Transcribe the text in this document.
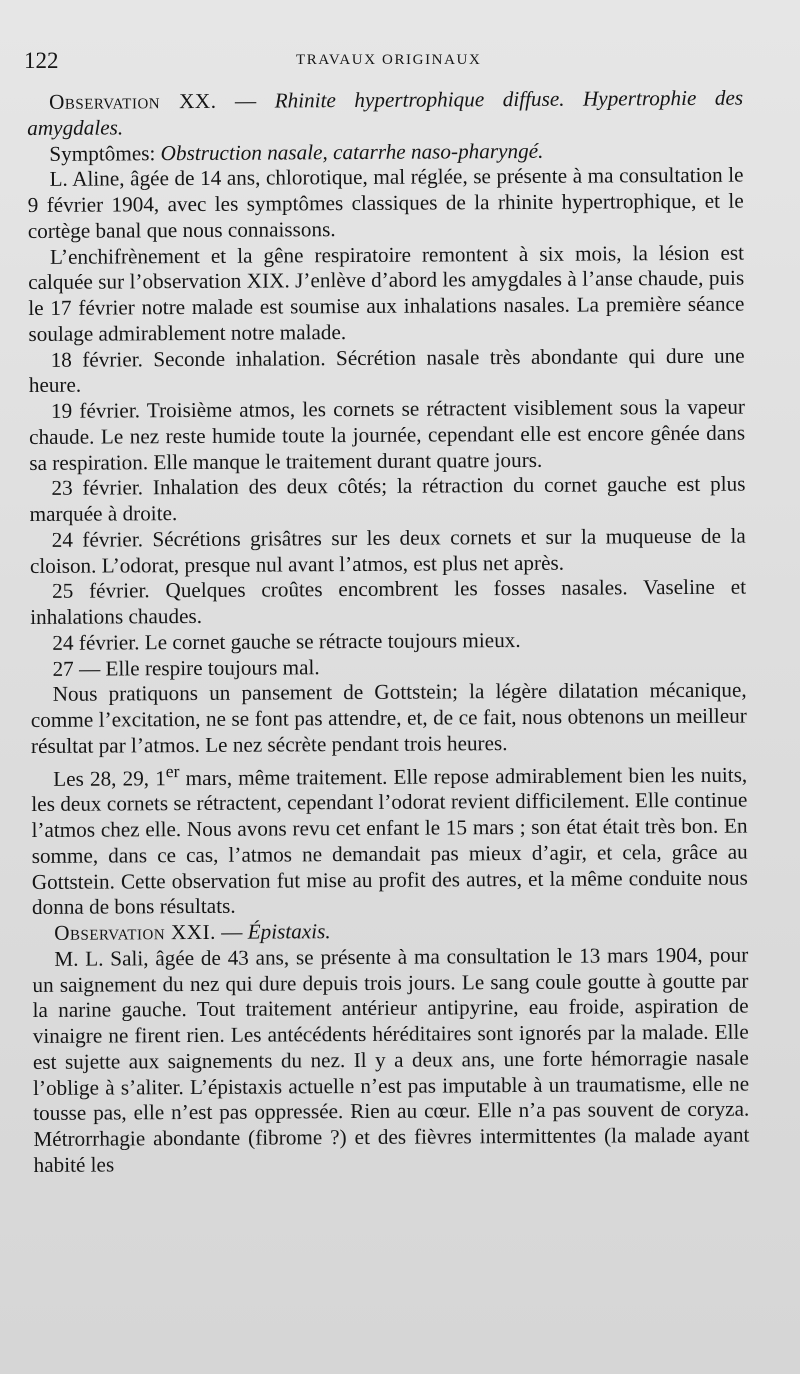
122	TRAVAUX ORIGINAUX

Observation XX. — Rhinite hypertrophique diffuse. Hypertrophie des amygdales.

Symptômes: Obstruction nasale, catarrhe naso-pharyngé.

L. Aline, âgée de 14 ans, chlorotique, mal réglée, se présente à ma consultation le 9 février 1904, avec les symptômes classiques de la rhinite hypertrophique, et le cortège banal que nous connaissons.

L’enchifrènement et la gêne respiratoire remontent à six mois, la lésion est calquée sur l’observation XIX. J’enlève d’abord les amygdales à l’anse chaude, puis le 17 février notre malade est soumise aux inhalations nasales. La première séance soulage admirablement notre malade.

18 février. Seconde inhalation. Sécrétion nasale très abondante qui dure une heure.

19 février. Troisième atmos, les cornets se rétractent visiblement sous la vapeur chaude. Le nez reste humide toute la journée, cependant elle est encore gênée dans sa respiration. Elle manque le traitement durant quatre jours.

23 février. Inhalation des deux côtés; la rétraction du cornet gauche est plus marquée à droite.

24 février. Sécrétions grisâtres sur les deux cornets et sur la muqueuse de la cloison. L’odorat, presque nul avant l’atmos, est plus net après.

25 février. Quelques croûtes encombrent les fosses nasales. Vaseline et inhalations chaudes.

24 février. Le cornet gauche se rétracte toujours mieux.

27 — Elle respire toujours mal.

Nous pratiquons un pansement de Gottstein; la légère dilatation mécanique, comme l’excitation, ne se font pas attendre, et, de ce fait, nous obtenons un meilleur résultat par l’atmos. Le nez sécrète pendant trois heures.

Les 28, 29, 1er mars, même traitement. Elle repose admirablement bien les nuits, les deux cornets se rétractent, cependant l’odorat revient difficilement. Elle continue l’atmos chez elle. Nous avons revu cet enfant le 15 mars ; son état était très bon. En somme, dans ce cas, l’atmos ne demandait pas mieux d’agir, et cela, grâce au Gottstein. Cette observation fut mise au profit des autres, et la même conduite nous donna de bons résultats.

Observation XXI. — Épistaxis.

M. L. Sali, âgée de 43 ans, se présente à ma consultation le 13 mars 1904, pour un saignement du nez qui dure depuis trois jours. Le sang coule goutte à goutte par la narine gauche. Tout traitement antérieur antipyrine, eau froide, aspiration de vinaigre ne firent rien. Les antécédents héréditaires sont ignorés par la malade. Elle est sujette aux saignements du nez. Il y a deux ans, une forte hémorragie nasale l’oblige à s’aliter. L’épistaxis actuelle n’est pas imputable à un traumatisme, elle ne tousse pas, elle n’est pas oppressée. Rien au cœur. Elle n’a pas souvent de coryza. Métrorrhagie abondante (fibrome ?) et des fièvres intermittentes (la malade ayant habité les
